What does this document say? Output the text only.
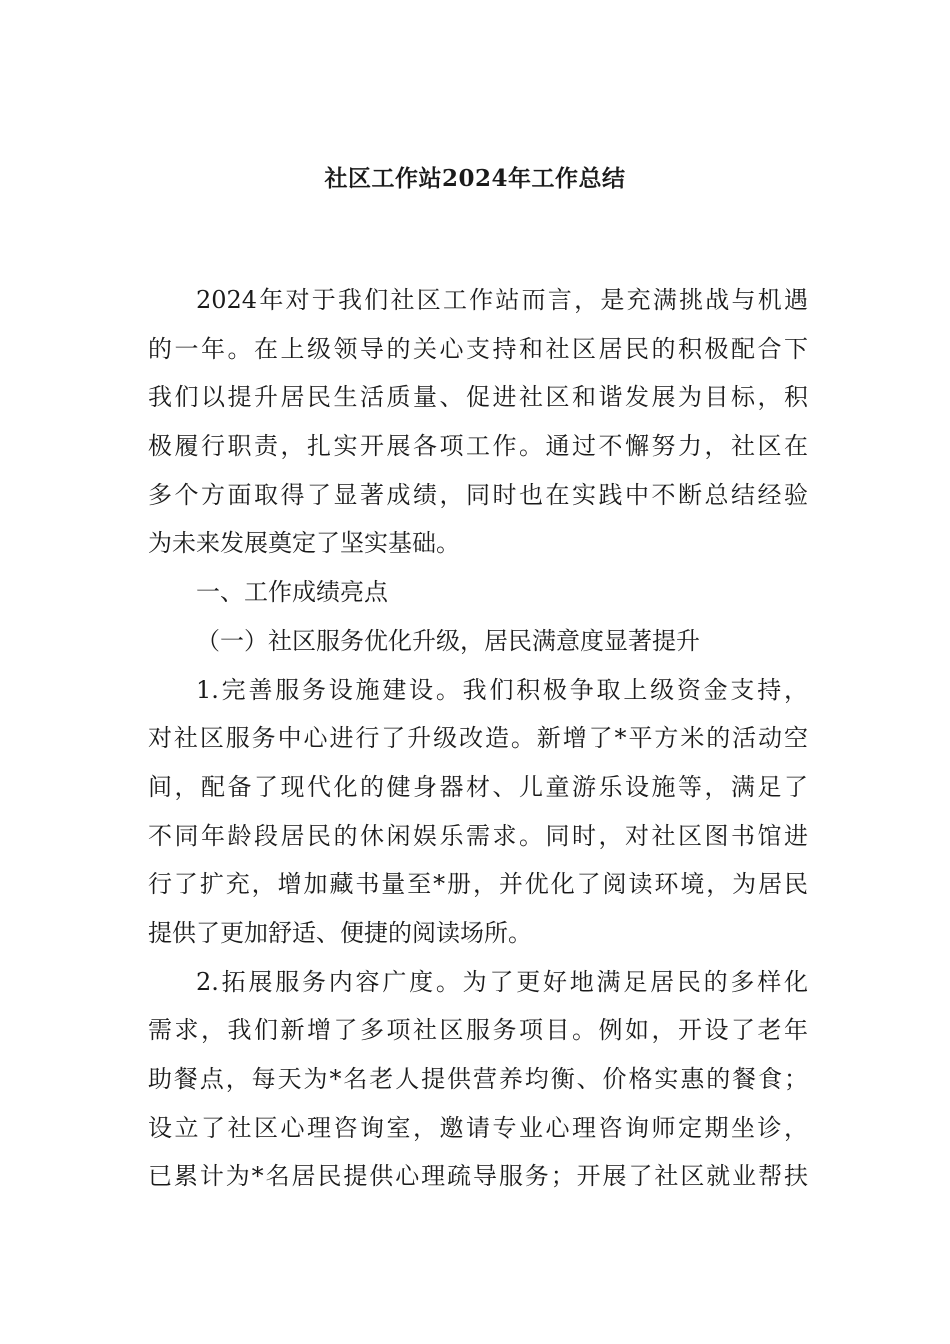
社区工作站2024年工作总结
2024年对于我们社区工作站而言，是充满挑战与机遇
的一年。在上级领导的关心支持和社区居民的积极配合下
我们以提升居民生活质量、促进社区和谐发展为目标，积
极履行职责，扎实开展各项工作。通过不懈努力，社区在
多个方面取得了显著成绩，同时也在实践中不断总结经验
为未来发展奠定了坚实基础。
一、工作成绩亮点
（一）社区服务优化升级，居民满意度显著提升
1.完善服务设施建设。我们积极争取上级资金支持，
对社区服务中心进行了升级改造。新增了*平方米的活动空
间，配备了现代化的健身器材、儿童游乐设施等，满足了
不同年龄段居民的休闲娱乐需求。同时，对社区图书馆进
行了扩充，增加藏书量至*册，并优化了阅读环境，为居民
提供了更加舒适、便捷的阅读场所。
2.拓展服务内容广度。为了更好地满足居民的多样化
需求，我们新增了多项社区服务项目。例如，开设了老年
助餐点，每天为*名老人提供营养均衡、价格实惠的餐食；
设立了社区心理咨询室，邀请专业心理咨询师定期坐诊，
已累计为*名居民提供心理疏导服务；开展了社区就业帮扶
